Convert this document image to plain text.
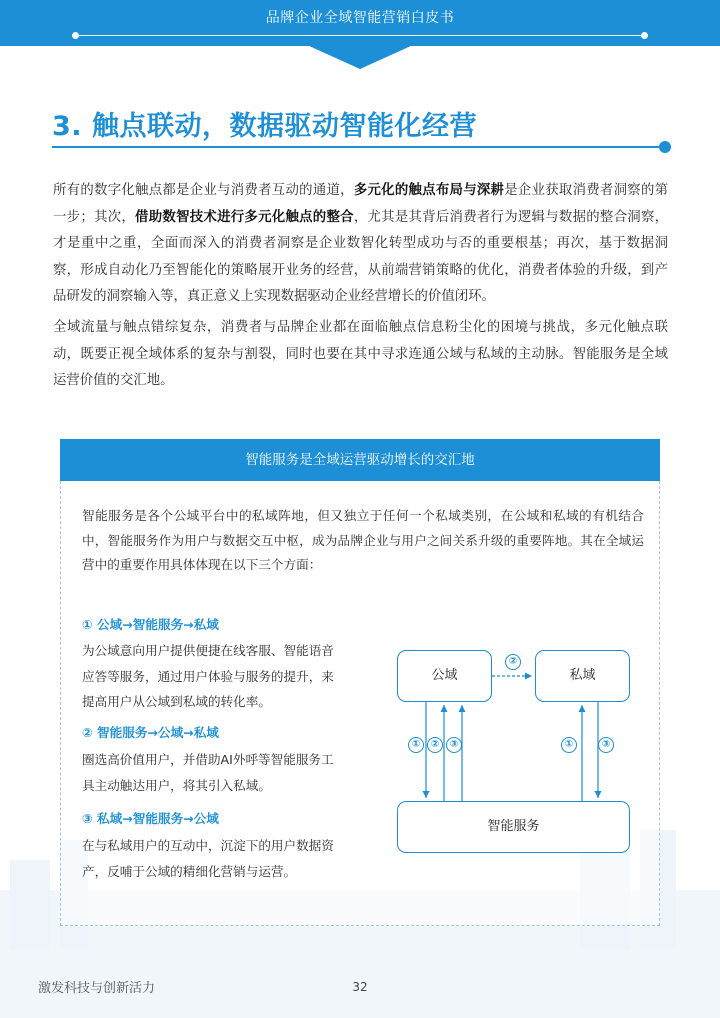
品牌企业全域智能营销白皮书
3. 触点联动，数据驱动智能化经营
所有的数字化触点都是企业与消费者互动的通道，多元化的触点布局与深耕是企业获取消费者洞察的第一步；其次，借助数智技术进行多元化触点的整合，尤其是其背后消费者行为逻辑与数据的整合洞察，才是重中之重，全面而深入的消费者洞察是企业数智化转型成功与否的重要根基；再次，基于数据洞察，形成自动化乃至智能化的策略展开业务的经营，从前端营销策略的优化，消费者体验的升级，到产品研发的洞察输入等，真正意义上实现数据驱动企业经营增长的价值闭环。
全域流量与触点错综复杂，消费者与品牌企业都在面临触点信息粉尘化的困境与挑战，多元化触点联动，既要正视全域体系的复杂与割裂，同时也要在其中寻求连通公域与私域的主动脉。智能服务是全域运营价值的交汇地。
智能服务是全域运营驱动增长的交汇地
智能服务是各个公域平台中的私域阵地，但又独立于任何一个私域类别，在公域和私域的有机结合中，智能服务作为用户与数据交互中枢，成为品牌企业与用户之间关系升级的重要阵地。其在全域运营中的重要作用具体体现在以下三个方面：
① 公域→智能服务→私域
为公域意向用户提供便捷在线客服、智能语音应答等服务，通过用户体验与服务的提升，来提高用户从公域到私域的转化率。
② 智能服务→公域→私域
圈选高价值用户，并借助AI外呼等智能服务工具主动触达用户，将其引入私域。
③ 私域→智能服务→公域
在与私域用户的互动中，沉淀下的用户数据资产，反哺于公域的精细化营销与运营。
公域	私域
智能服务
②
①	②	③	①	③
激发科技与创新活力	32
